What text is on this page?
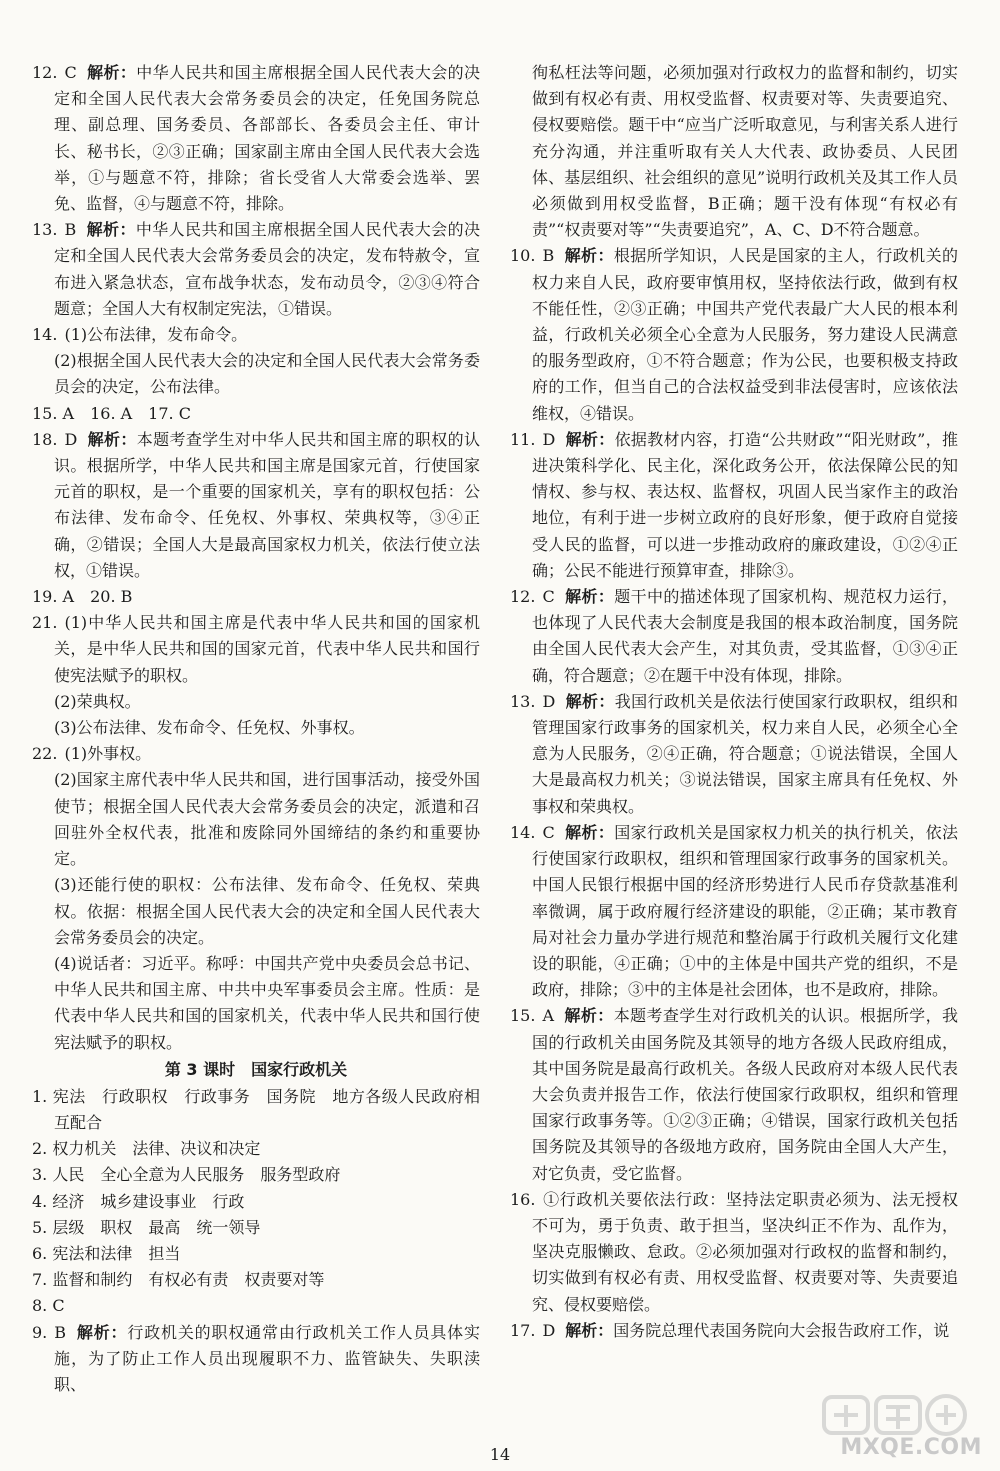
12. C 解析：中华人民共和国主席根据全国人民代表大会的决定和全国人民代表大会常务委员会的决定，任免国务院总理、副总理、国务委员、各部部长、各委员会主任、审计长、秘书长，②③正确；国家副主席由全国人民代表大会选举，①与题意不符，排除；省长受省人大常委会选举、罢免、监督，④与题意不符，排除。
13. B 解析：中华人民共和国主席根据全国人民代表大会的决定和全国人民代表大会常务委员会的决定，发布特赦令，宣布进入紧急状态，宣布战争状态，发布动员令，②③④符合题意；全国人大有权制定宪法，①错误。
14. (1)公布法律，发布命令。
(2)根据全国人民代表大会的决定和全国人民代表大会常务委员会的决定，公布法律。
15. A　16. A　17. C
18. D 解析：本题考查学生对中华人民共和国主席的职权的认识。根据所学，中华人民共和国主席是国家元首，行使国家元首的职权，是一个重要的国家机关，享有的职权包括：公布法律、发布命令、任免权、外事权、荣典权等，③④正确，②错误；全国人大是最高国家权力机关，依法行使立法权，①错误。
19. A　20. B
21. (1)中华人民共和国主席是代表中华人民共和国的国家机关，是中华人民共和国的国家元首，代表中华人民共和国行使宪法赋予的职权。
(2)荣典权。
(3)公布法律、发布命令、任免权、外事权。
22. (1)外事权。
(2)国家主席代表中华人民共和国，进行国事活动，接受外国使节；根据全国人民代表大会常务委员会的决定，派遣和召回驻外全权代表，批准和废除同外国缔结的条约和重要协定。
(3)还能行使的职权：公布法律、发布命令、任免权、荣典权。依据：根据全国人民代表大会的决定和全国人民代表大会常务委员会的决定。
(4)说话者：习近平。称呼：中国共产党中央委员会总书记、中华人民共和国主席、中共中央军事委员会主席。性质：是代表中华人民共和国的国家机关，代表中华人民共和国行使宪法赋予的职权。
第 3 课时　国家行政机关
1. 宪法　行政职权　行政事务　国务院　地方各级人民政府相互配合
2. 权力机关　法律、决议和决定
3. 人民　全心全意为人民服务　服务型政府
4. 经济　城乡建设事业　行政
5. 层级　职权　最高　统一领导
6. 宪法和法律　担当
7. 监督和制约　有权必有责　权责要对等
8. C
9. B 解析：行政机关的职权通常由行政机关工作人员具体实施，为了防止工作人员出现履职不力、监管缺失、失职渎职、
徇私枉法等问题，必须加强对行政权力的监督和制约，切实做到有权必有责、用权受监督、权责要对等、失责要追究、侵权要赔偿。题干中“应当广泛听取意见，与利害关系人进行充分沟通，并注重听取有关人大代表、政协委员、人民团体、基层组织、社会组织的意见”说明行政机关及其工作人员必须做到用权受监督，B正确；题干没有体现“有权必有责”“权责要对等”“失责要追究”，A、C、D不符合题意。
10. B 解析：根据所学知识，人民是国家的主人，行政机关的权力来自人民，政府要审慎用权，坚持依法行政，做到有权不能任性，②③正确；中国共产党代表最广大人民的根本利益，行政机关必须全心全意为人民服务，努力建设人民满意的服务型政府，①不符合题意；作为公民，也要积极支持政府的工作，但当自己的合法权益受到非法侵害时，应该依法维权，④错误。
11. D 解析：依据教材内容，打造“公共财政”“阳光财政”，推进决策科学化、民主化，深化政务公开，依法保障公民的知情权、参与权、表达权、监督权，巩固人民当家作主的政治地位，有利于进一步树立政府的良好形象，便于政府自觉接受人民的监督，可以进一步推动政府的廉政建设，①②④正确；公民不能进行预算审查，排除③。
12. C 解析：题干中的描述体现了国家机构、规范权力运行，也体现了人民代表大会制度是我国的根本政治制度，国务院由全国人民代表大会产生，对其负责，受其监督，①③④正确，符合题意；②在题干中没有体现，排除。
13. D 解析：我国行政机关是依法行使国家行政职权，组织和管理国家行政事务的国家机关，权力来自人民，必须全心全意为人民服务，②④正确，符合题意；①说法错误，全国人大是最高权力机关；③说法错误，国家主席具有任免权、外事权和荣典权。
14. C 解析：国家行政机关是国家权力机关的执行机关，依法行使国家行政职权，组织和管理国家行政事务的国家机关。中国人民银行根据中国的经济形势进行人民币存贷款基准利率微调，属于政府履行经济建设的职能，②正确；某市教育局对社会力量办学进行规范和整治属于行政机关履行文化建设的职能，④正确；①中的主体是中国共产党的组织，不是政府，排除；③中的主体是社会团体，也不是政府，排除。
15. A 解析：本题考查学生对行政机关的认识。根据所学，我国的行政机关由国务院及其领导的地方各级人民政府组成，其中国务院是最高行政机关。各级人民政府对本级人民代表大会负责并报告工作，依法行使国家行政职权，组织和管理国家行政事务等。①②③正确；④错误，国家行政机关包括国务院及其领导的各级地方政府，国务院由全国人大产生，对它负责，受它监督。
16. ①行政机关要依法行政：坚持法定职责必须为、法无授权不可为，勇于负责、敢于担当，坚决纠正不作为、乱作为，坚决克服懒政、怠政。②必须加强对行政权的监督和制约，切实做到有权必有责、用权受监督、权责要对等、失责要追究、侵权要赔偿。
17. D 解析：国务院总理代表国务院向大会报告政府工作，说
14	MXQE.COM
